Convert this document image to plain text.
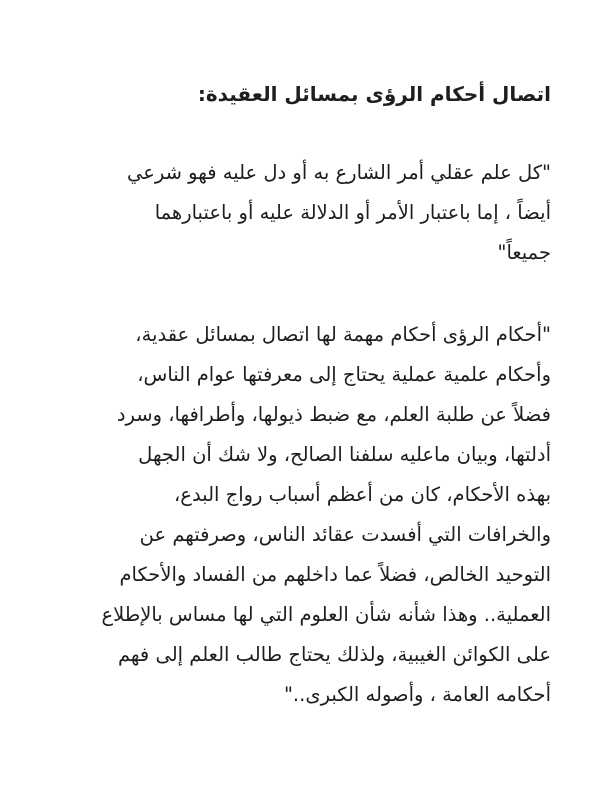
اتصال أحكام الرؤى بمسائل العقيدة:

"كل علم عقلي أمر الشارع به أو دل عليه فهو شرعي
أيضاً ، إما باعتبار الأمر أو الدلالة عليه أو باعتبارهما
جميعاً"

"أحكام الرؤى أحكام مهمة لها اتصال بمسائل عقدية،
وأحكام علمية عملية يحتاج إلى معرفتها عوام الناس،
فضلاً عن طلبة العلم، مع ضبط ذيولها، وأطرافها، وسرد
أدلتها، وبيان ماعليه سلفنا الصالح، ولا شك أن الجهل
بهذه الأحكام، كان من أعظم أسباب رواج البدع،
والخرافات التي أفسدت عقائد الناس، وصرفتهم عن
التوحيد الخالص، فضلاً عما داخلهم من الفساد والأحكام
العملية.. وهذا شأنه شأن العلوم التي لها مساس بالإطلاع
على الكوائن الغيبية، ولذلك يحتاج طالب العلم إلى فهم
أحكامه العامة ، وأصوله الكبرى.."
